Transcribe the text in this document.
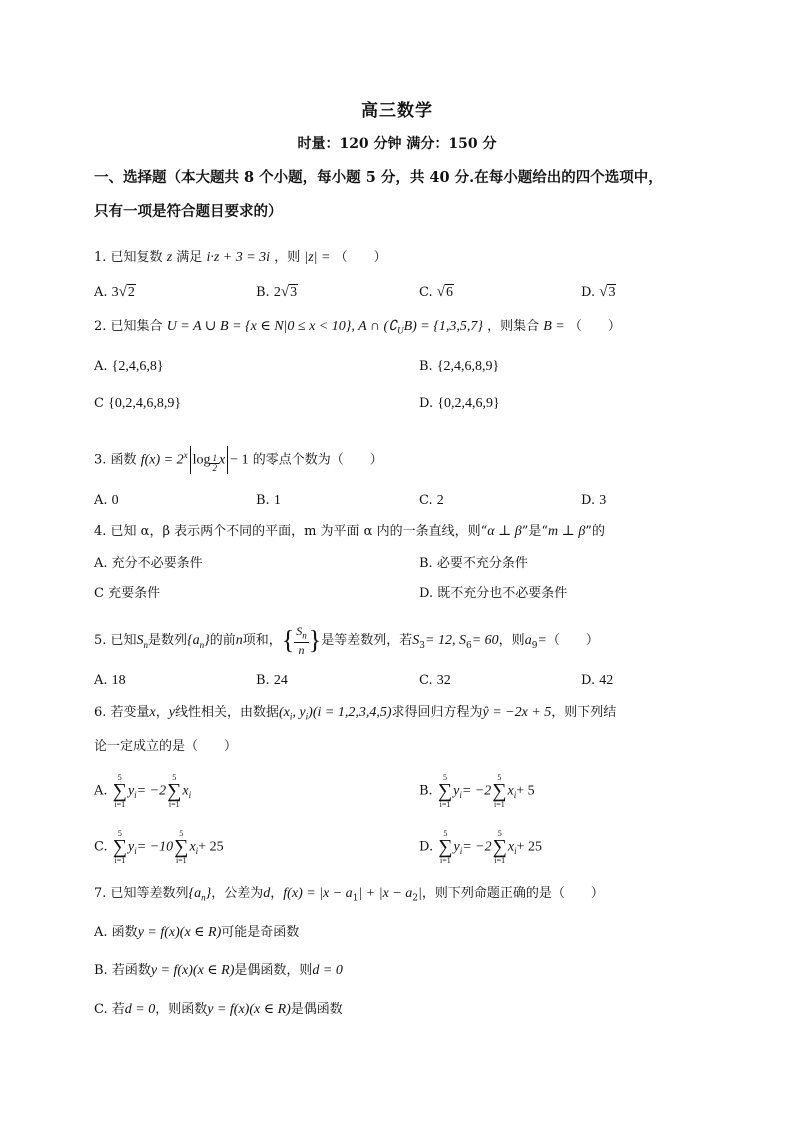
高三数学
时量：120 分钟 满分：150 分
一、选择题（本大题共 8 个小题，每小题 5 分，共 40 分.在每小题给出的四个选项中，
只有一项是符合题目要求的）
1. 已知复数 z 满足 i·z + 3 = 3i ，则 |z| = （　　）
A. 3√2	B. 2√3	C. √6	D. √3
2. 已知集合 U = A ∪ B = {x ∈ N|0 ≤ x < 10}, A ∩ $(∁_UB) = \{1,3,5,7\}$ ，则集合 B = （　　）
A. {2,4,6,8}	B. {2,4,6,8,9}
C {0,2,4,6,8,9}	D. {0,2,4,6,9}
3. 函数 $f(x) = 2^x$ $\log \frac{1}{2}$ x − 1 的零点个数为（　　）
A. 0	B. 1	C. 2	D. 3
4. 已知 α，β 表示两个不同的平面，m 为平面 α 内的一条直线，则“α ⊥ β”是“m ⊥ β”的
A. 充分不必要条件	B. 必要不充分条件
C 充要条件	D. 既不充分也不必要条件
5. 已知$S_n$是数列$\{a_n\}$的前n项和，{ $\frac{S_n}{n}$ }是等差数列，若$S_3= 12$, $S_6= 60$，则$a_9=$（　　）
A. 18	B. 24	C. 32	D. 42
6. 若变量x，y线性相关，由数据($x_i$, $y_i)(i = 1,2,3,4,5)$求得回归方程为ŷ = −2x + 5，则下列结
论一定成立的是（　　）
A.
5
∑
i=1
$y_i= -2$
5
∑
i=1
$x_i$	B.
5
∑
i=1
$y_i= -2$
5
∑
i=1
$x_i+ 5$
C.
5
∑
i=1
$y_i= -10$
5
∑
i=1
$x_i+ 25$	D.
5
∑
i=1
$y_i= -2$
5
∑
i=1
$x_i+ 25$
7. 已知等差数列$\{a_n\}$，公差为d，$f(x) = |x - a_1| + |x - a_2|$，则下列命题正确的是（　　）
A. 函数y = f(x)(x ∈ R)可能是奇函数
B. 若函数y = f(x)(x ∈ R)是偶函数，则d = 0
C. 若d = 0，则函数y = f(x)(x ∈ R)是偶函数
